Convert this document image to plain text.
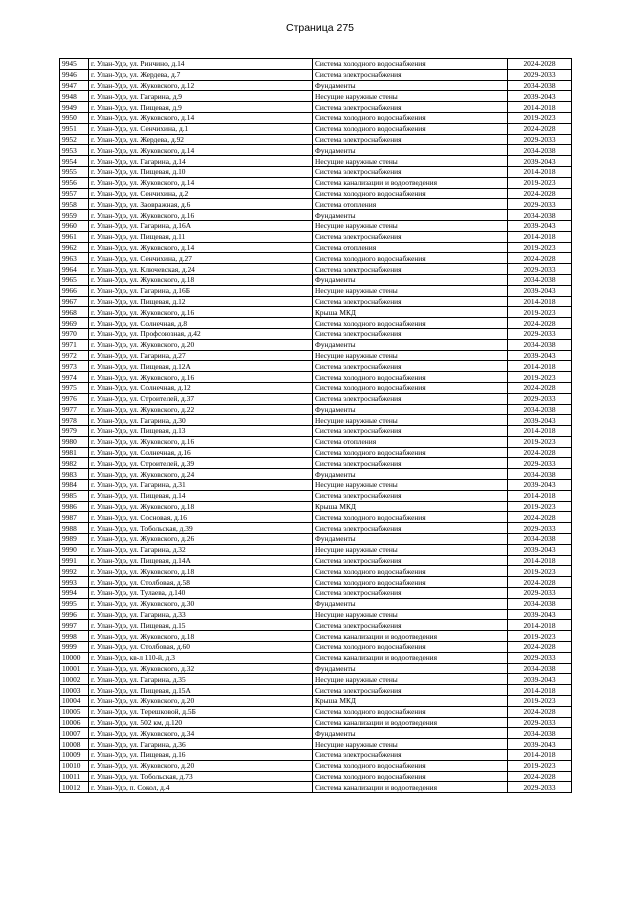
Страница 275
9945	г. Улан-Удэ, ул. Ринчино, д.14	Система холодного водоснабжения	2024-2028
9946	г. Улан-Удэ, ул. Жердева, д.7	Система электроснабжения	2029-2033
9947	г. Улан-Удэ, ул. Жуковского, д.12	Фундаменты	2034-2038
9948	г. Улан-Удэ, ул. Гагарина, д.9	Несущие наружные стены	2039-2043
9949	г. Улан-Удэ, ул. Пищевая, д.9	Система электроснабжения	2014-2018
9950	г. Улан-Удэ, ул. Жуковского, д.14	Система холодного водоснабжения	2019-2023
9951	г. Улан-Удэ, ул. Сенчихина, д.1	Система холодного водоснабжения	2024-2028
9952	г. Улан-Удэ, ул. Жердева, д.92	Система электроснабжения	2029-2033
9953	г. Улан-Удэ, ул. Жуковского, д.14	Фундаменты	2034-2038
9954	г. Улан-Удэ, ул. Гагарина, д.14	Несущие наружные стены	2039-2043
9955	г. Улан-Удэ, ул. Пищевая, д.10	Система электроснабжения	2014-2018
9956	г. Улан-Удэ, ул. Жуковского, д.14	Система канализации и водоотведения	2019-2023
9957	г. Улан-Удэ, ул. Сенчихина, д.2	Система холодного водоснабжения	2024-2028
9958	г. Улан-Удэ, ул. Заовражная, д.6	Система отопления	2029-2033
9959	г. Улан-Удэ, ул. Жуковского, д.16	Фундаменты	2034-2038
9960	г. Улан-Удэ, ул. Гагарина, д.16А	Несущие наружные стены	2039-2043
9961	г. Улан-Удэ, ул. Пищевая, д.11	Система электроснабжения	2014-2018
9962	г. Улан-Удэ, ул. Жуковского, д.14	Система отопления	2019-2023
9963	г. Улан-Удэ, ул. Сенчихина, д.27	Система холодного водоснабжения	2024-2028
9964	г. Улан-Удэ, ул. Ключевская, д.24	Система электроснабжения	2029-2033
9965	г. Улан-Удэ, ул. Жуковского, д.18	Фундаменты	2034-2038
9966	г. Улан-Удэ, ул. Гагарина, д.16Б	Несущие наружные стены	2039-2043
9967	г. Улан-Удэ, ул. Пищевая, д.12	Система электроснабжения	2014-2018
9968	г. Улан-Удэ, ул. Жуковского, д.16	Крыша МКД	2019-2023
9969	г. Улан-Удэ, ул. Солнечная, д.8	Система холодного водоснабжения	2024-2028
9970	г. Улан-Удэ, ул. Профсоюзная, д.42	Система электроснабжения	2029-2033
9971	г. Улан-Удэ, ул. Жуковского, д.20	Фундаменты	2034-2038
9972	г. Улан-Удэ, ул. Гагарина, д.27	Несущие наружные стены	2039-2043
9973	г. Улан-Удэ, ул. Пищевая, д.12А	Система электроснабжения	2014-2018
9974	г. Улан-Удэ, ул. Жуковского, д.16	Система холодного водоснабжения	2019-2023
9975	г. Улан-Удэ, ул. Солнечная, д.12	Система холодного водоснабжения	2024-2028
9976	г. Улан-Удэ, ул. Строителей, д.37	Система электроснабжения	2029-2033
9977	г. Улан-Удэ, ул. Жуковского, д.22	Фундаменты	2034-2038
9978	г. Улан-Удэ, ул. Гагарина, д.30	Несущие наружные стены	2039-2043
9979	г. Улан-Удэ, ул. Пищевая, д.13	Система электроснабжения	2014-2018
9980	г. Улан-Удэ, ул. Жуковского, д.16	Система отопления	2019-2023
9981	г. Улан-Удэ, ул. Солнечная, д.16	Система холодного водоснабжения	2024-2028
9982	г. Улан-Удэ, ул. Строителей, д.39	Система электроснабжения	2029-2033
9983	г. Улан-Удэ, ул. Жуковского, д.24	Фундаменты	2034-2038
9984	г. Улан-Удэ, ул. Гагарина, д.31	Несущие наружные стены	2039-2043
9985	г. Улан-Удэ, ул. Пищевая, д.14	Система электроснабжения	2014-2018
9986	г. Улан-Удэ, ул. Жуковского, д.18	Крыша МКД	2019-2023
9987	г. Улан-Удэ, ул. Сосновая, д.16	Система холодного водоснабжения	2024-2028
9988	г. Улан-Удэ, ул. Тобольская, д.39	Система электроснабжения	2029-2033
9989	г. Улан-Удэ, ул. Жуковского, д.26	Фундаменты	2034-2038
9990	г. Улан-Удэ, ул. Гагарина, д.32	Несущие наружные стены	2039-2043
9991	г. Улан-Удэ, ул. Пищевая, д.14А	Система электроснабжения	2014-2018
9992	г. Улан-Удэ, ул. Жуковского, д.18	Система холодного водоснабжения	2019-2023
9993	г. Улан-Удэ, ул. Столбовая, д.58	Система холодного водоснабжения	2024-2028
9994	г. Улан-Удэ, ул. Тулаева, д.140	Система электроснабжения	2029-2033
9995	г. Улан-Удэ, ул. Жуковского, д.30	Фундаменты	2034-2038
9996	г. Улан-Удэ, ул. Гагарина, д.33	Несущие наружные стены	2039-2043
9997	г. Улан-Удэ, ул. Пищевая, д.15	Система электроснабжения	2014-2018
9998	г. Улан-Удэ, ул. Жуковского, д.18	Система канализации и водоотведения	2019-2023
9999	г. Улан-Удэ, ул. Столбовая, д.60	Система холодного водоснабжения	2024-2028
10000	г. Улан-Удэ, кв-л 110-й, д.3	Система канализации и водоотведения	2029-2033
10001	г. Улан-Удэ, ул. Жуковского, д.32	Фундаменты	2034-2038
10002	г. Улан-Удэ, ул. Гагарина, д.35	Несущие наружные стены	2039-2043
10003	г. Улан-Удэ, ул. Пищевая, д.15А	Система электроснабжения	2014-2018
10004	г. Улан-Удэ, ул. Жуковского, д.20	Крыша МКД	2019-2023
10005	г. Улан-Удэ, ул. Терешковой, д.5Б	Система холодного водоснабжения	2024-2028
10006	г. Улан-Удэ, ул. 502 км, д.120	Система канализации и водоотведения	2029-2033
10007	г. Улан-Удэ, ул. Жуковского, д.34	Фундаменты	2034-2038
10008	г. Улан-Удэ, ул. Гагарина, д.36	Несущие наружные стены	2039-2043
10009	г. Улан-Удэ, ул. Пищевая, д.16	Система электроснабжения	2014-2018
10010	г. Улан-Удэ, ул. Жуковского, д.20	Система холодного водоснабжения	2019-2023
10011	г. Улан-Удэ, ул. Тобольская, д.73	Система холодного водоснабжения	2024-2028
10012	г. Улан-Удэ, п. Сокол, д.4	Система канализации и водоотведения	2029-2033
